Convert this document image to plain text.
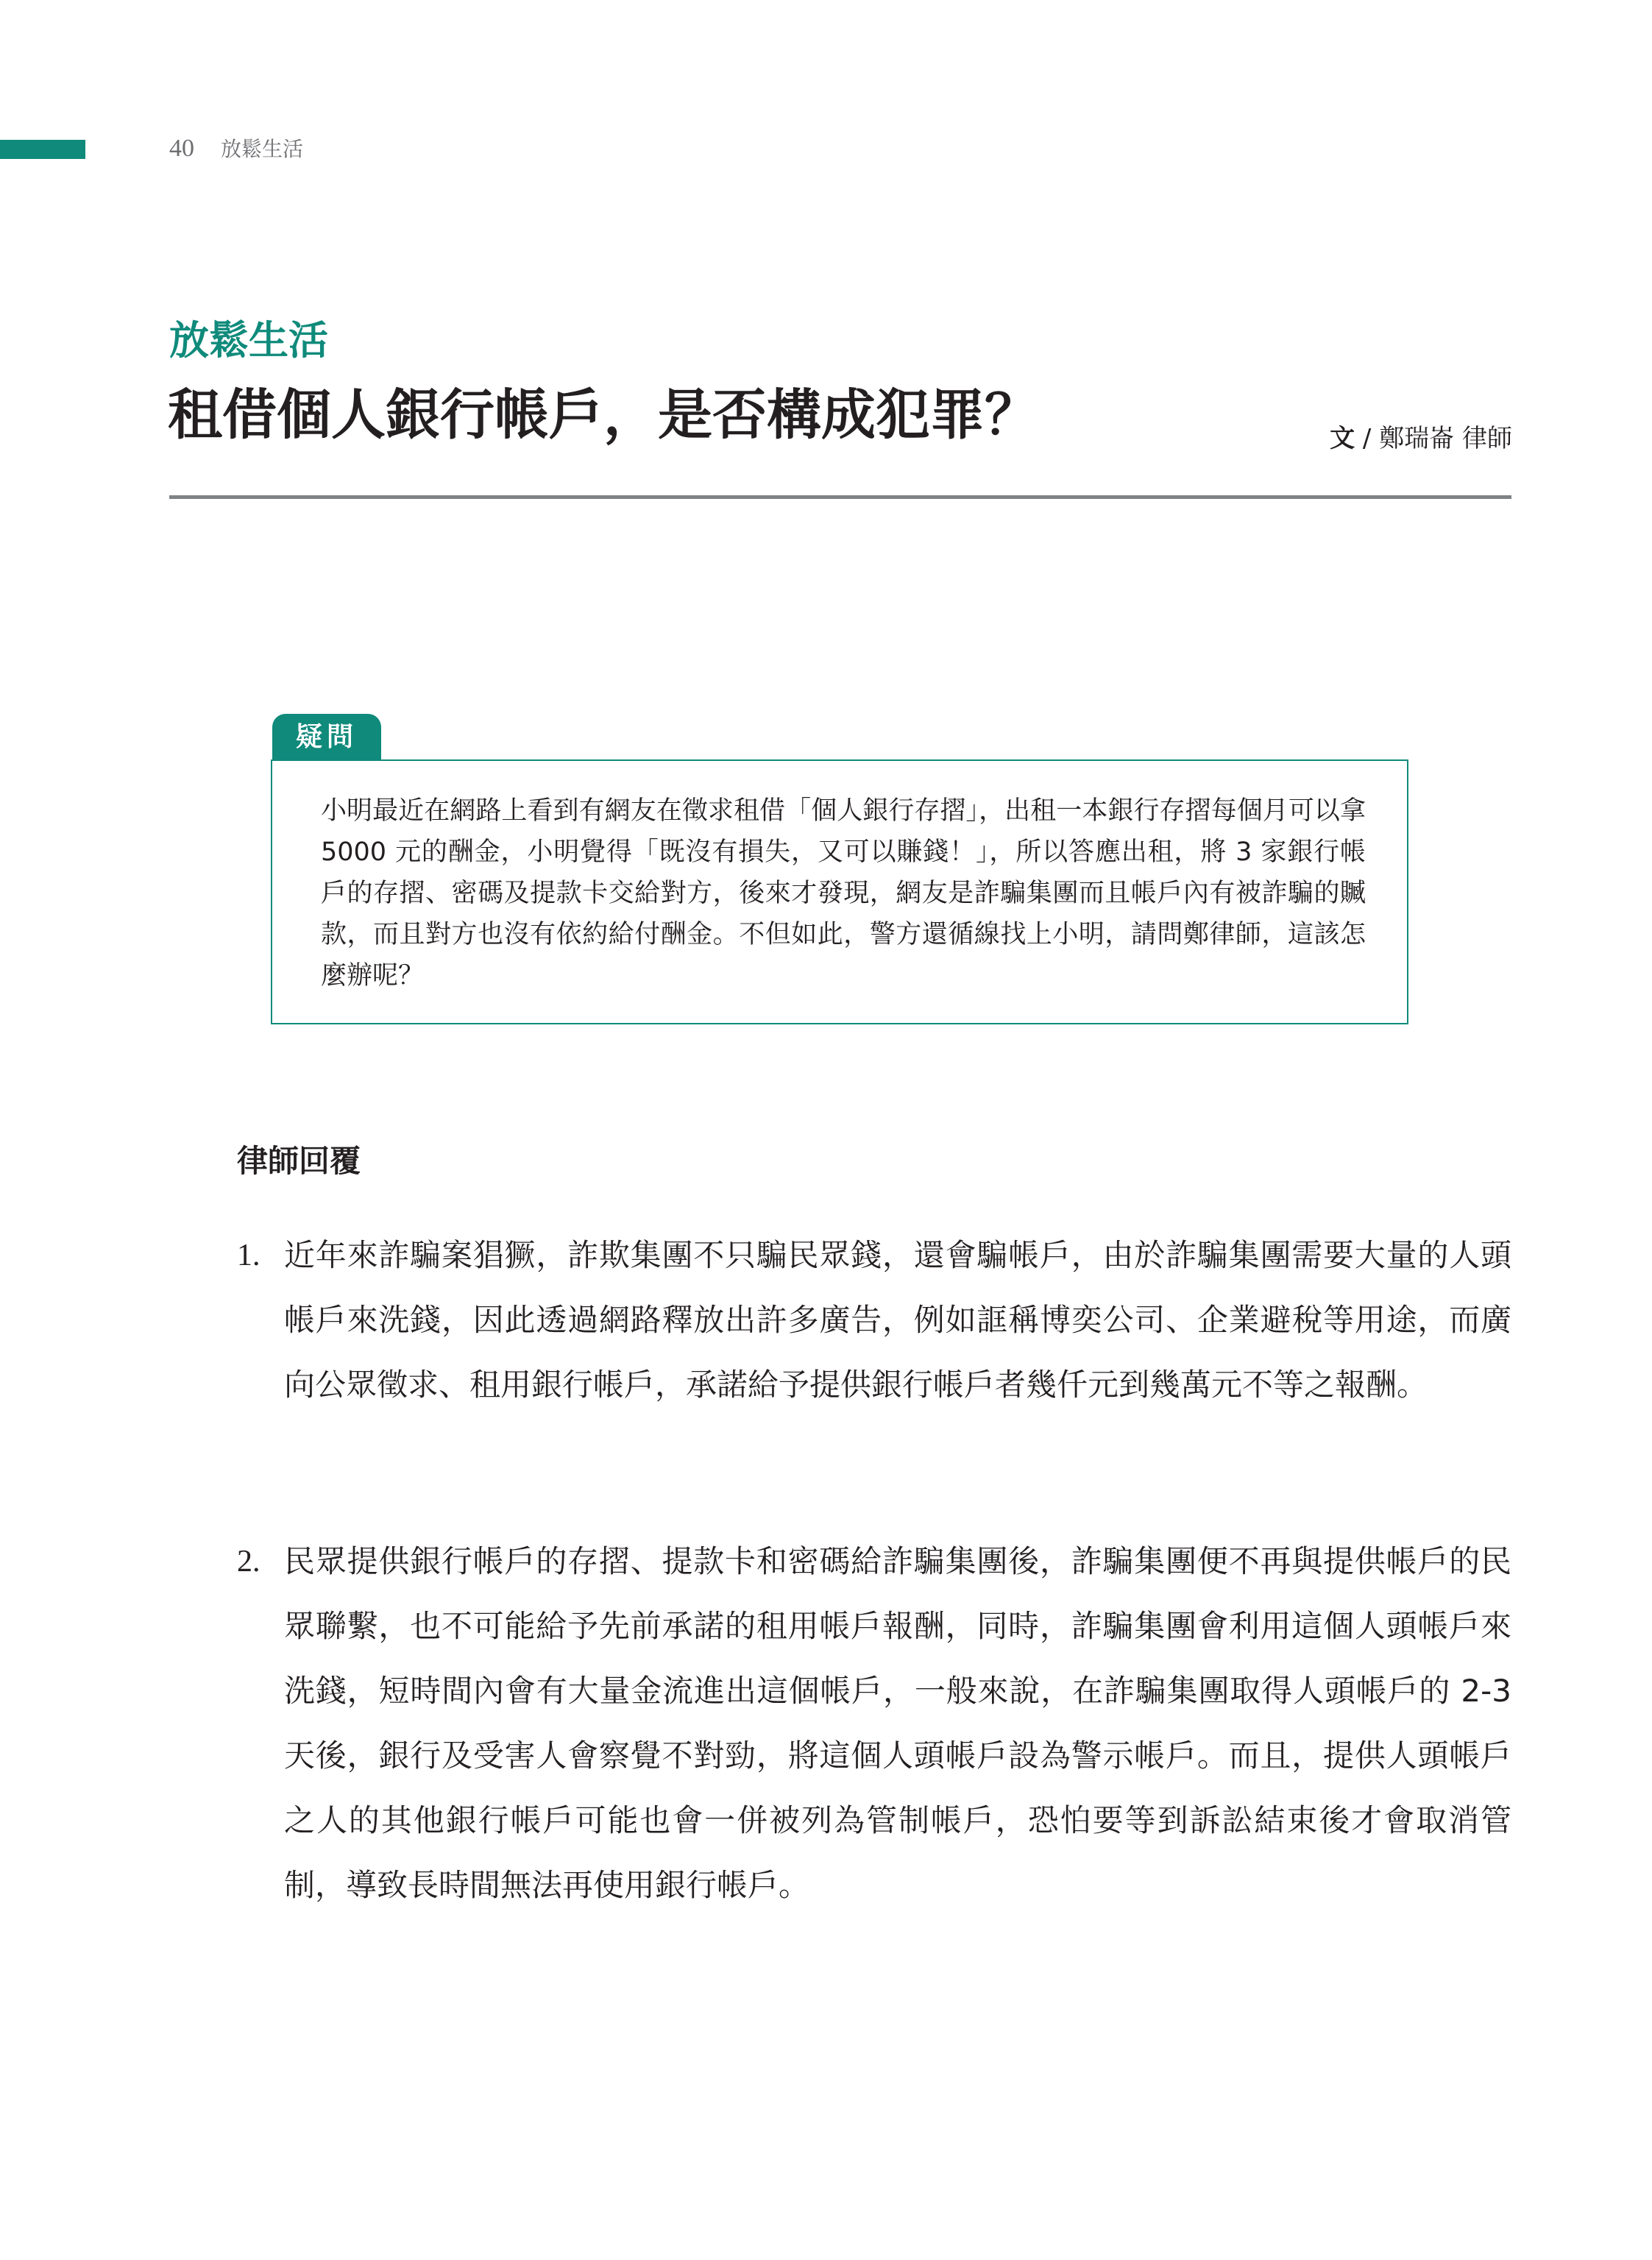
40 放鬆生活
放鬆生活
租借個人銀行帳戶，是否構成犯罪？	文 / 鄭瑞崙 律師
疑問
小明最近在網路上看到有網友在徵求租借「個人銀行存摺」，出租一本銀行存摺每個月可以拿 5000 元的酬金，小明覺得「既沒有損失，又可以賺錢！」，所以答應出租，將 3 家銀行帳戶的存摺、密碼及提款卡交給對方，後來才發現，網友是詐騙集團而且帳戶內有被詐騙的贓款，而且對方也沒有依約給付酬金。不但如此，警方還循線找上小明，請問鄭律師，這該怎麼辦呢？
律師回覆
1. 近年來詐騙案猖獗，詐欺集團不只騙民眾錢，還會騙帳戶，由於詐騙集團需要大量的人頭帳戶來洗錢，因此透過網路釋放出許多廣告，例如誆稱博奕公司、企業避稅等用途，而廣向公眾徵求、租用銀行帳戶，承諾給予提供銀行帳戶者幾仟元到幾萬元不等之報酬。
2. 民眾提供銀行帳戶的存摺、提款卡和密碼給詐騙集團後，詐騙集團便不再與提供帳戶的民眾聯繫，也不可能給予先前承諾的租用帳戶報酬，同時，詐騙集團會利用這個人頭帳戶來洗錢，短時間內會有大量金流進出這個帳戶，一般來說，在詐騙集團取得人頭帳戶的 2-3 天後，銀行及受害人會察覺不對勁，將這個人頭帳戶設為警示帳戶。而且，提供人頭帳戶之人的其他銀行帳戶可能也會一併被列為管制帳戶，恐怕要等到訴訟結束後才會取消管制，導致長時間無法再使用銀行帳戶。
